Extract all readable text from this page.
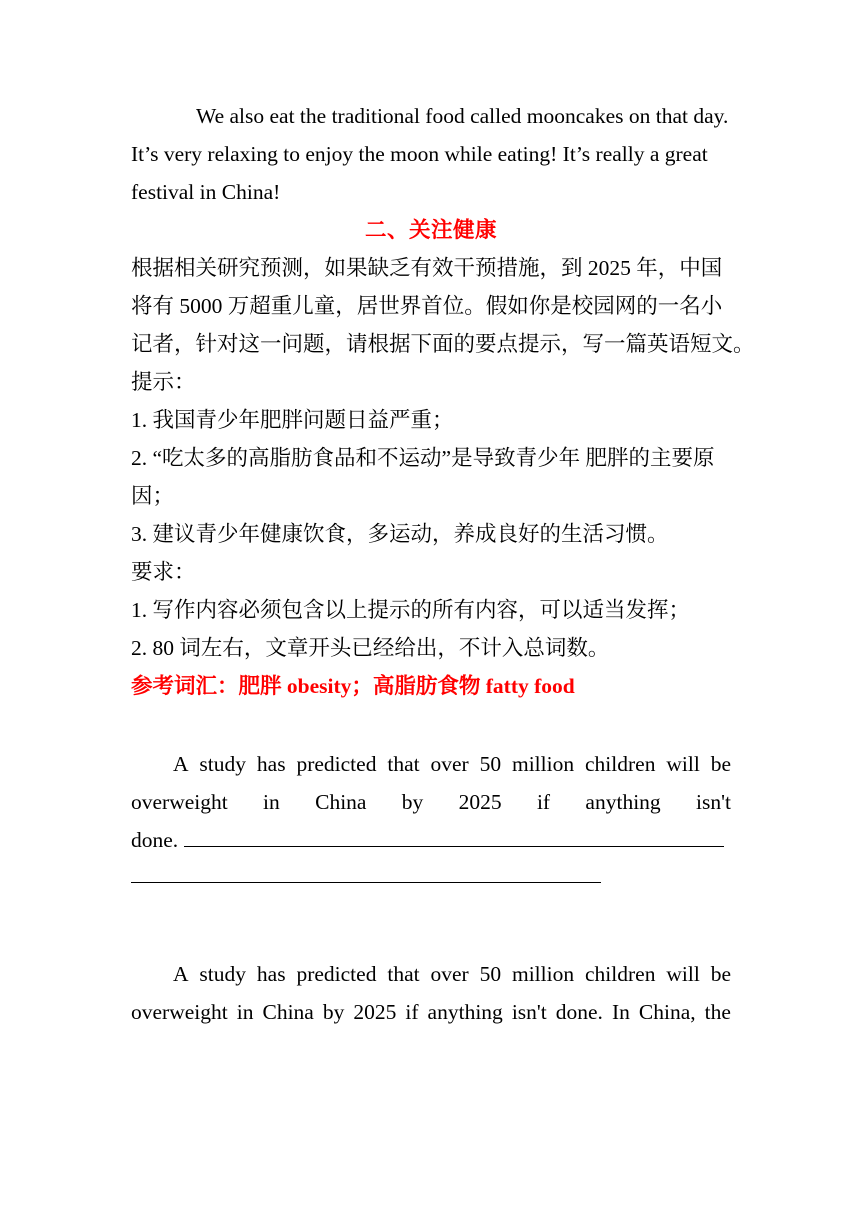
We also eat the traditional food called mooncakes on that day.
It’s very relaxing to enjoy the moon while eating! It’s really a great
festival in China!
二、关注健康
根据相关研究预测，如果缺乏有效干预措施，到 2025 年，中国
将有 5000 万超重儿童，居世界首位。假如你是校园网的一名小
记者，针对这一问题，请根据下面的要点提示，写一篇英语短文。
提示：
1. 我国青少年肥胖问题日益严重；
2. “吃太多的高脂肪食品和不运动”是导致青少年 肥胖的主要原
因；
3. 建议青少年健康饮食，多运动，养成良好的生活习惯。
要求：
1. 写作内容必须包含以上提示的所有内容，可以适当发挥；
2. 80 词左右，文章开头已经给出，不计入总词数。
参考词汇：肥胖 obesity；高脂肪食物 fatty food
A study has predicted that over 50 million children will be
overweight in China by 2025 if anything isn't
done.
A study has predicted that over 50 million children will be
overweight in China by 2025 if anything isn't done. In China, the
